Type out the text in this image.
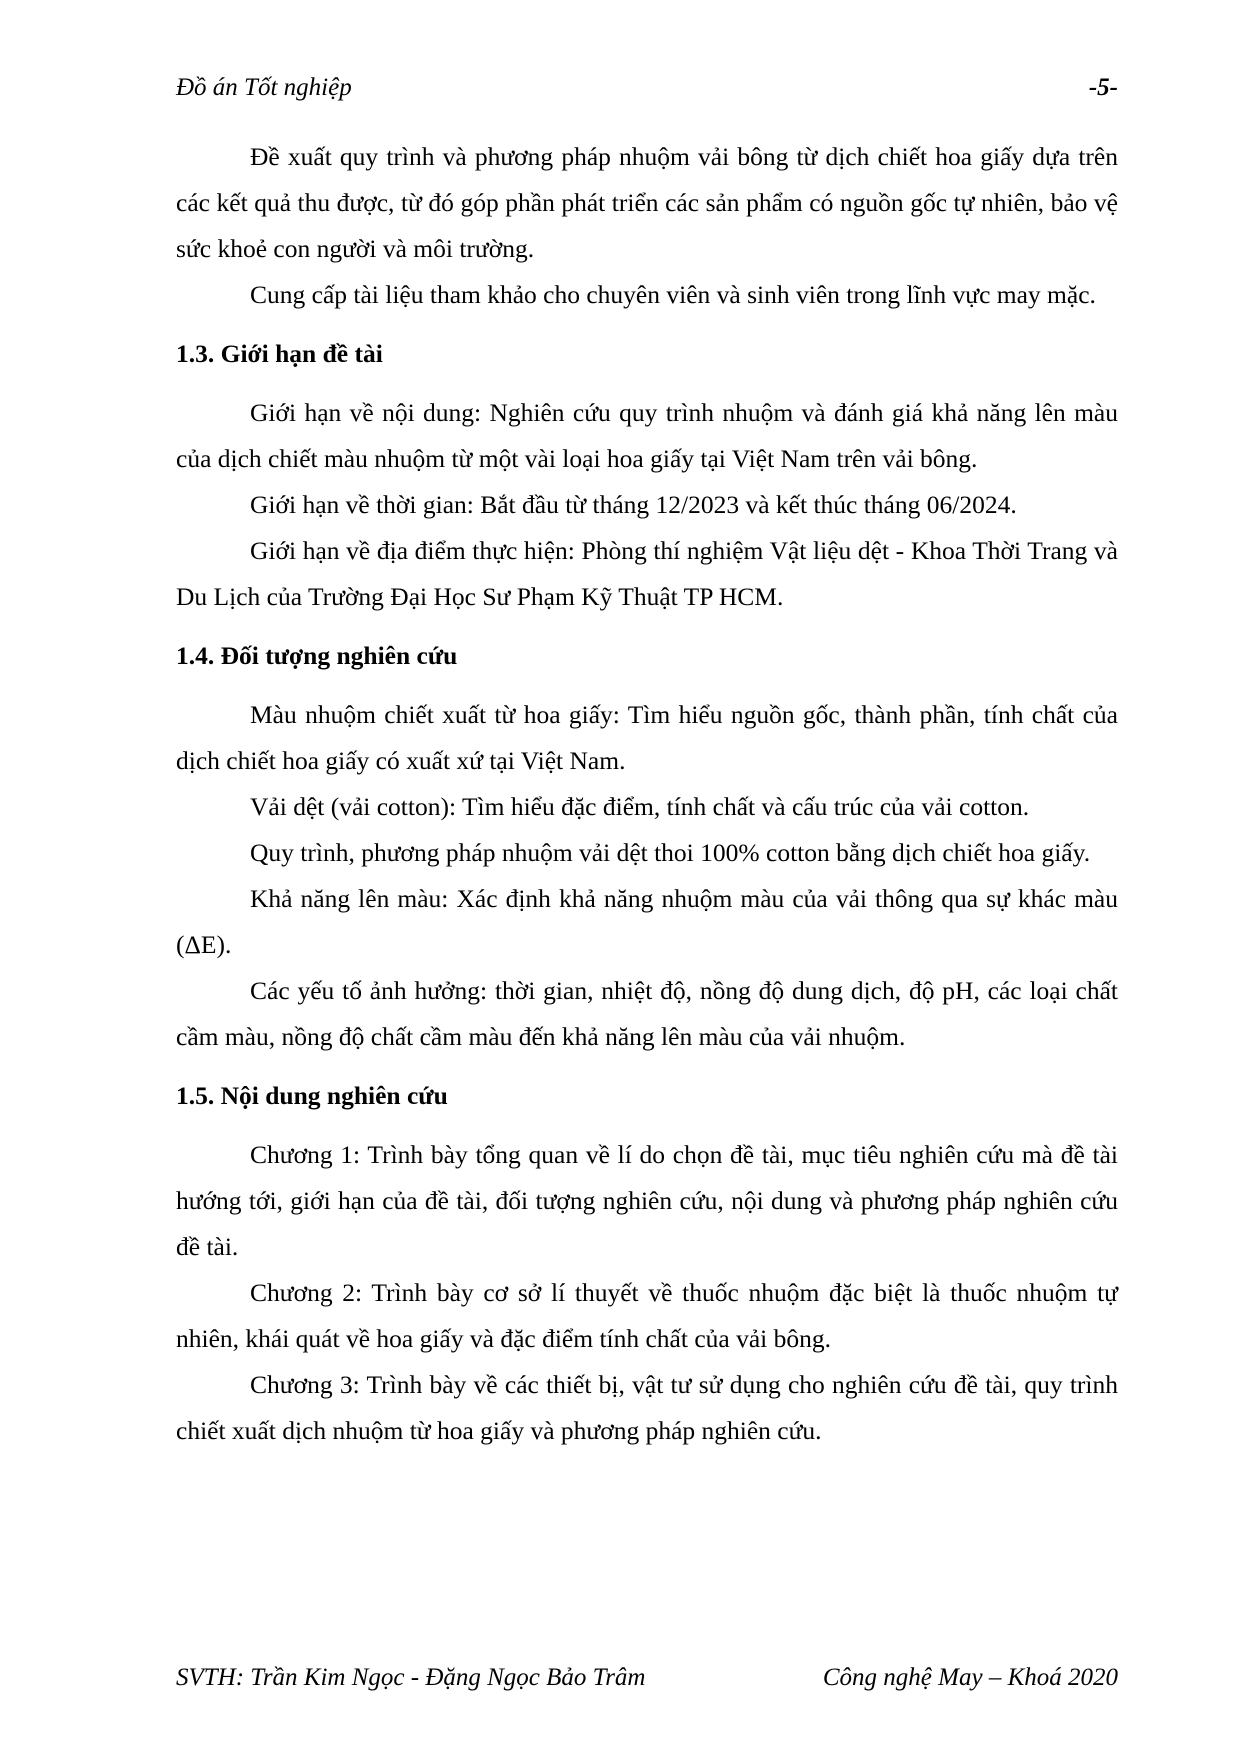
Đồ án Tốt nghiệp	-5-

Đề xuất quy trình và phương pháp nhuộm vải bông từ dịch chiết hoa giấy dựa trên các kết quả thu được, từ đó góp phần phát triển các sản phẩm có nguồn gốc tự nhiên, bảo vệ sức khoẻ con người và môi trường.

Cung cấp tài liệu tham khảo cho chuyên viên và sinh viên trong lĩnh vực may mặc.

1.3. Giới hạn đề tài

Giới hạn về nội dung: Nghiên cứu quy trình nhuộm và đánh giá khả năng lên màu của dịch chiết màu nhuộm từ một vài loại hoa giấy tại Việt Nam trên vải bông.

Giới hạn về thời gian: Bắt đầu từ tháng 12/2023 và kết thúc tháng 06/2024.

Giới hạn về địa điểm thực hiện: Phòng thí nghiệm Vật liệu dệt - Khoa Thời Trang và Du Lịch của Trường Đại Học Sư Phạm Kỹ Thuật TP HCM.

1.4. Đối tượng nghiên cứu

Màu nhuộm chiết xuất từ hoa giấy: Tìm hiểu nguồn gốc, thành phần, tính chất của dịch chiết hoa giấy có xuất xứ tại Việt Nam.

Vải dệt (vải cotton): Tìm hiểu đặc điểm, tính chất và cấu trúc của vải cotton.

Quy trình, phương pháp nhuộm vải dệt thoi 100% cotton bằng dịch chiết hoa giấy.

Khả năng lên màu: Xác định khả năng nhuộm màu của vải thông qua sự khác màu (ΔE).

Các yếu tố ảnh hưởng: thời gian, nhiệt độ, nồng độ dung dịch, độ pH, các loại chất cầm màu, nồng độ chất cầm màu đến khả năng lên màu của vải nhuộm.

1.5. Nội dung nghiên cứu

Chương 1: Trình bày tổng quan về lí do chọn đề tài, mục tiêu nghiên cứu mà đề tài hướng tới, giới hạn của đề tài, đối tượng nghiên cứu, nội dung và phương pháp nghiên cứu đề tài.

Chương 2: Trình bày cơ sở lí thuyết về thuốc nhuộm đặc biệt là thuốc nhuộm tự nhiên, khái quát về hoa giấy và đặc điểm tính chất của vải bông.

Chương 3: Trình bày về các thiết bị, vật tư sử dụng cho nghiên cứu đề tài, quy trình chiết xuất dịch nhuộm từ hoa giấy và phương pháp nghiên cứu.

SVTH: Trần Kim Ngọc - Đặng Ngọc Bảo Trâm	Công nghệ May – Khoá 2020
